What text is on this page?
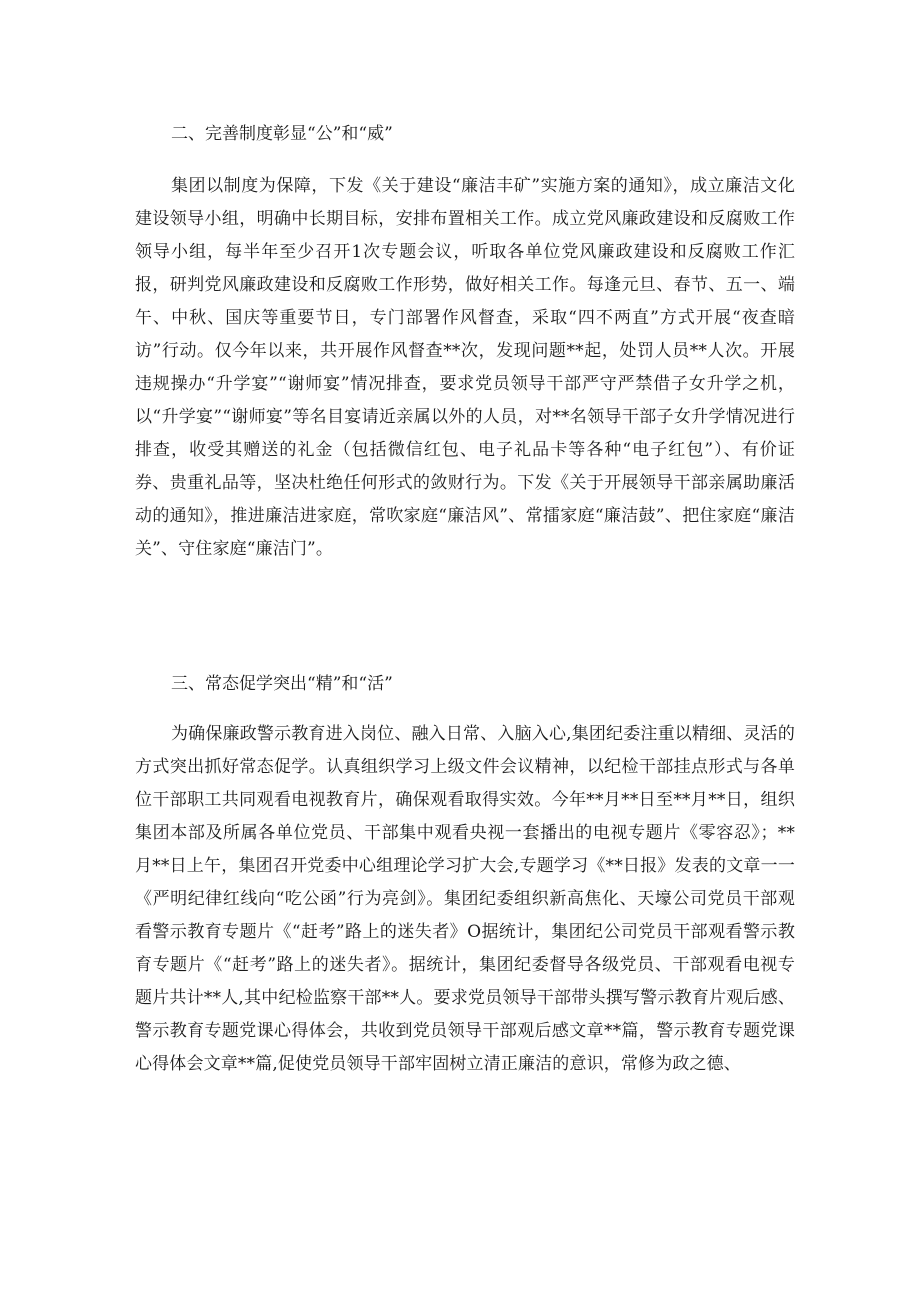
二、完善制度彰显“公”和“威”

集团以制度为保障，下发《关于建设“廉洁丰矿”实施方案的通知》，成立廉洁文化建设领导小组，明确中长期目标，安排布置相关工作。成立党风廉政建设和反腐败工作领导小组，每半年至少召开1次专题会议，听取各单位党风廉政建设和反腐败工作汇报，研判党风廉政建设和反腐败工作形势，做好相关工作。每逢元旦、春节、五一、端午、中秋、国庆等重要节日，专门部署作风督查，采取“四不两直”方式开展“夜查暗访”行动。仅今年以来，共开展作风督查**次，发现问题**起，处罚人员**人次。开展违规操办“升学宴”“谢师宴”情况排查，要求党员领导干部严守严禁借子女升学之机，以“升学宴”“谢师宴”等名目宴请近亲属以外的人员，对**名领导干部子女升学情况进行排查，收受其赠送的礼金（包括微信红包、电子礼品卡等各种“电子红包”）、有价证券、贵重礼品等，坚决杜绝任何形式的敛财行为。下发《关于开展领导干部亲属助廉活动的通知》，推进廉洁进家庭，常吹家庭“廉洁风”、常擂家庭“廉洁鼓”、把住家庭“廉洁关”、守住家庭“廉洁门”。

三、常态促学突出“精”和“活”

为确保廉政警示教育进入岗位、融入日常、入脑入心,集团纪委注重以精细、灵活的方式突出抓好常态促学。认真组织学习上级文件会议精神，以纪检干部挂点形式与各单位干部职工共同观看电视教育片，确保观看取得实效。今年**月**日至**月**日，组织集团本部及所属各单位党员、干部集中观看央视一套播出的电视专题片《零容忍》；**月**日上午，集团召开党委中心组理论学习扩大会,专题学习《**日报》发表的文章一一《严明纪律红线向“吃公函”行为亮剑》。集团纪委组织新高焦化、天壕公司党员干部观看警示教育专题片《“赶考”路上的迷失者》O据统计，集团纪公司党员干部观看警示教育专题片《“赶考”路上的迷失者》。据统计，集团纪委督导各级党员、干部观看电视专题片共计**人,其中纪检监察干部**人。要求党员领导干部带头撰写警示教育片观后感、警示教育专题党课心得体会，共收到党员领导干部观后感文章**篇，警示教育专题党课心得体会文章**篇,促使党员领导干部牢固树立清正廉洁的意识，常修为政之德、
